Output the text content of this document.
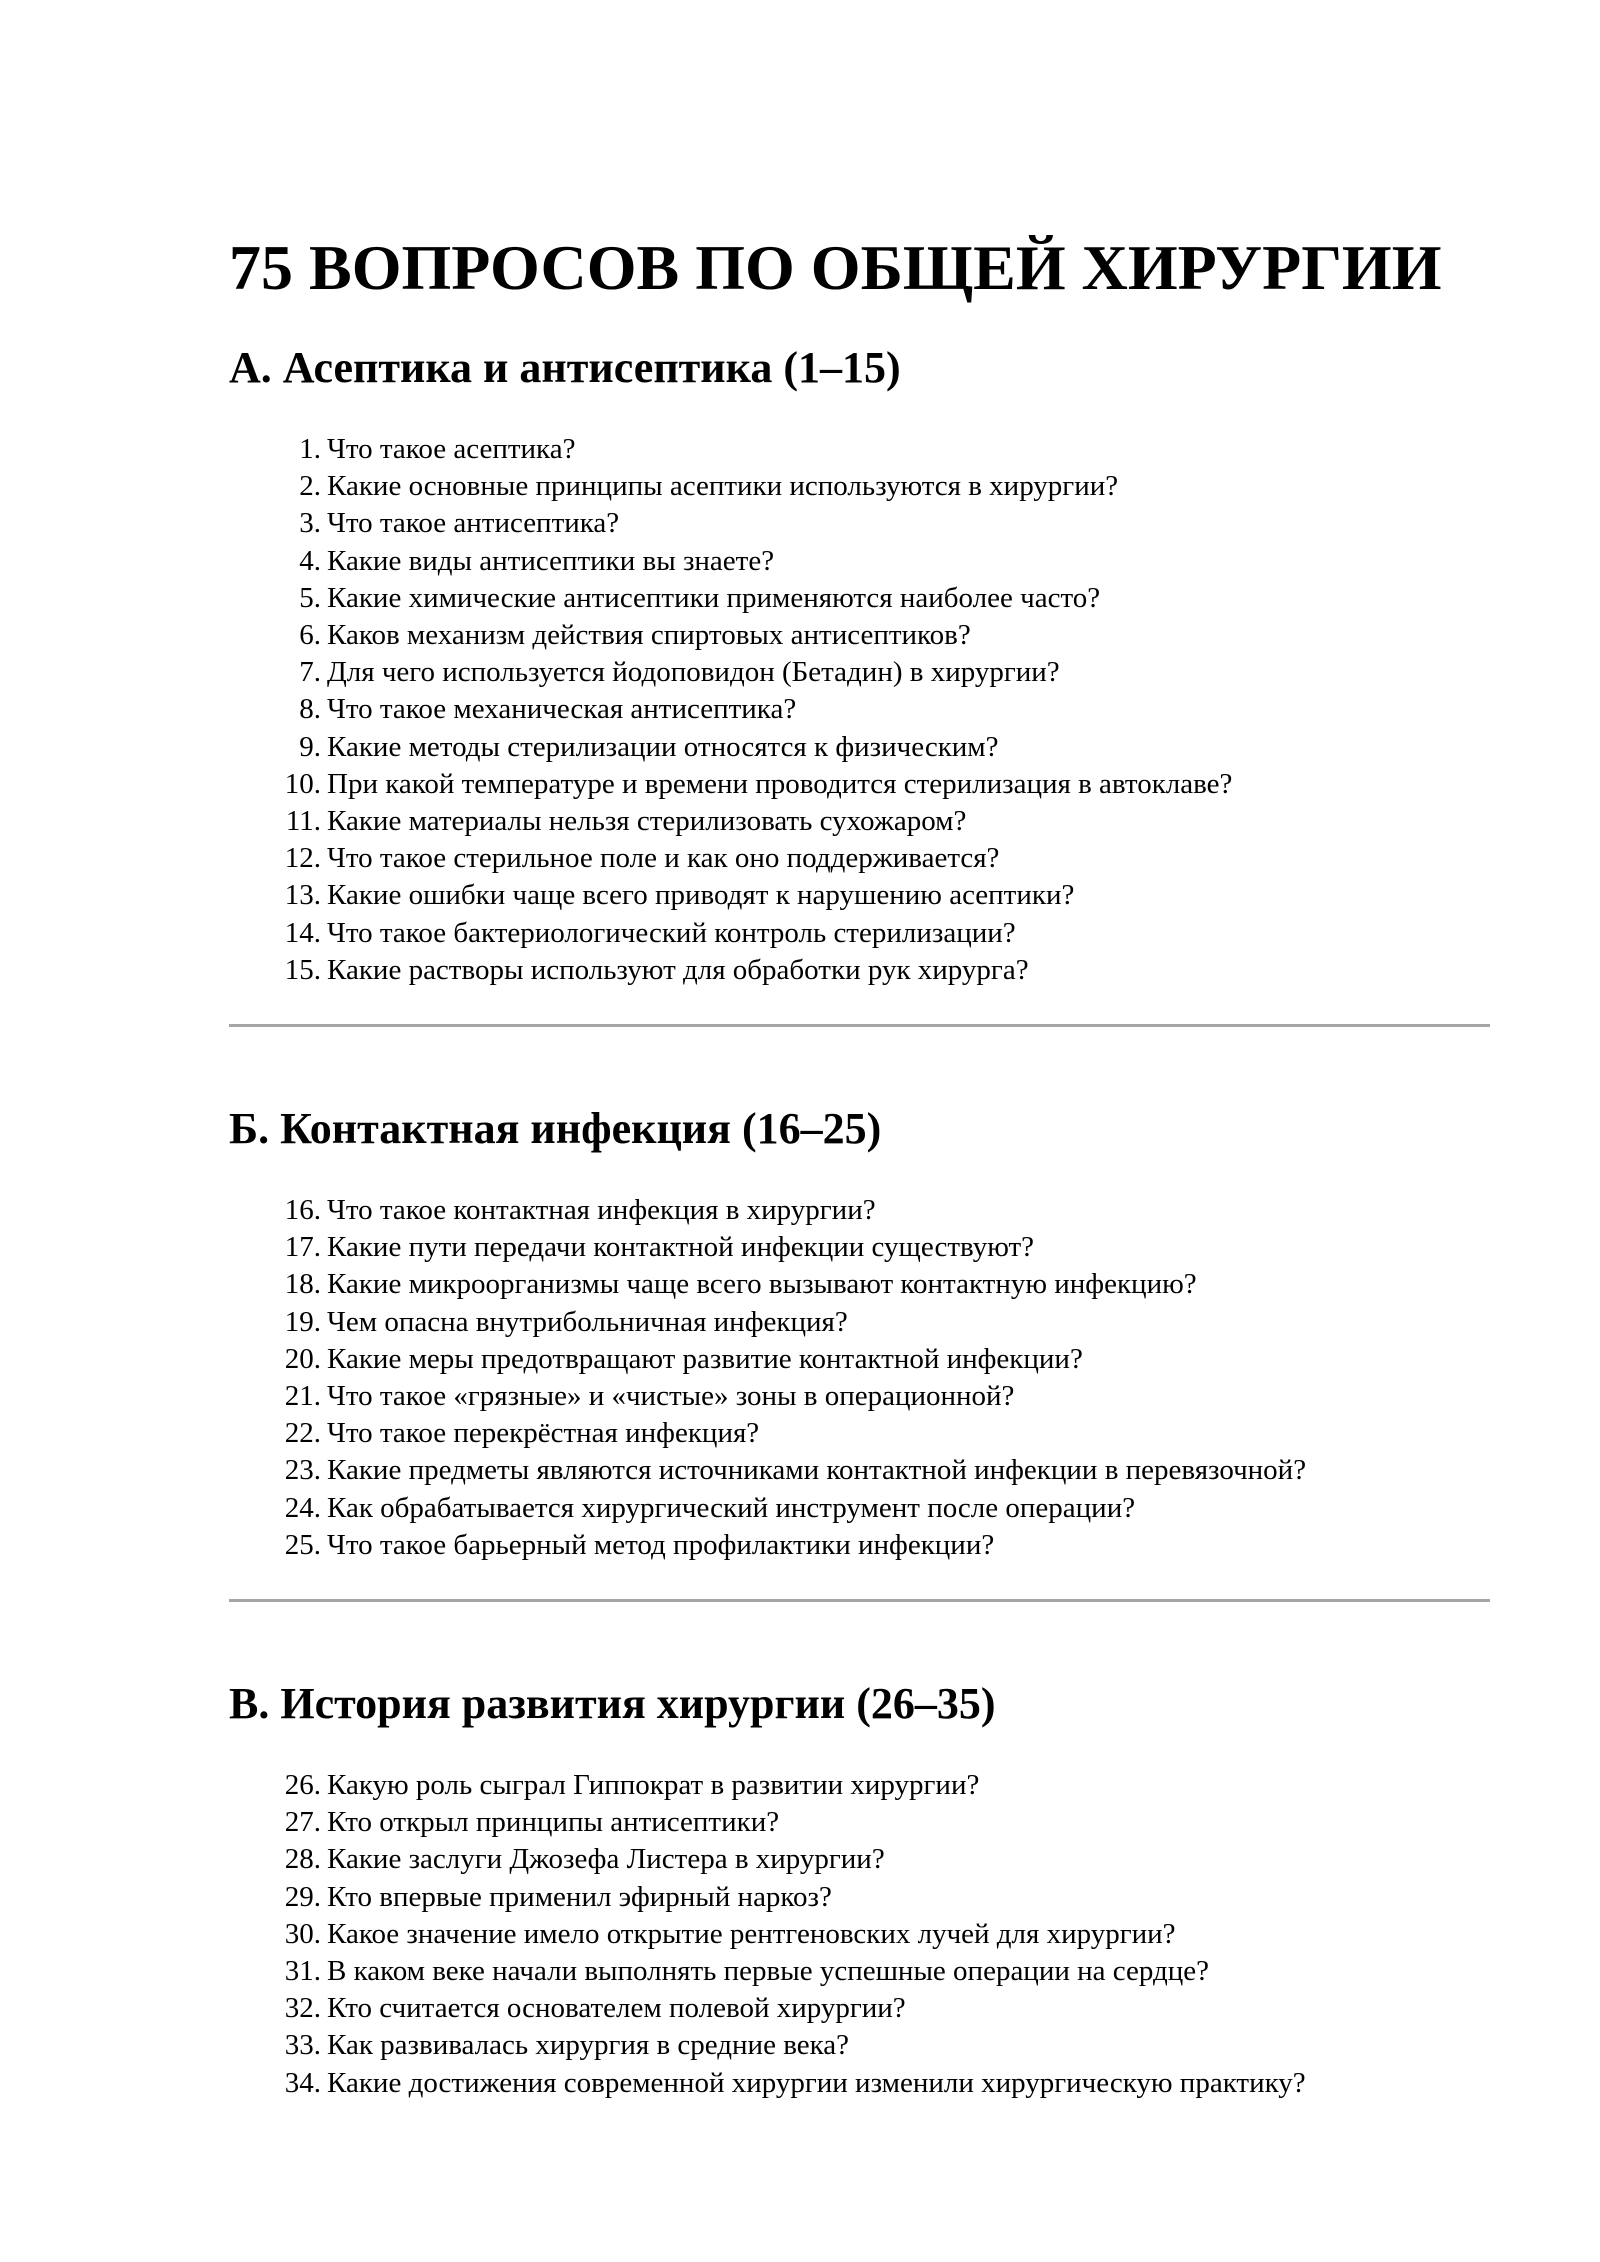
75 ВОПРОСОВ ПО ОБЩЕЙ ХИРУРГИИ
А. Асептика и антисептика (1–15)
1. Что такое асептика?
2. Какие основные принципы асептики используются в хирургии?
3. Что такое антисептика?
4. Какие виды антисептики вы знаете?
5. Какие химические антисептики применяются наиболее часто?
6. Каков механизм действия спиртовых антисептиков?
7. Для чего используется йодоповидон (Бетадин) в хирургии?
8. Что такое механическая антисептика?
9. Какие методы стерилизации относятся к физическим?
10. При какой температуре и времени проводится стерилизация в автоклаве?
11. Какие материалы нельзя стерилизовать сухожаром?
12. Что такое стерильное поле и как оно поддерживается?
13. Какие ошибки чаще всего приводят к нарушению асептики?
14. Что такое бактериологический контроль стерилизации?
15. Какие растворы используют для обработки рук хирурга?
Б. Контактная инфекция (16–25)
16. Что такое контактная инфекция в хирургии?
17. Какие пути передачи контактной инфекции существуют?
18. Какие микроорганизмы чаще всего вызывают контактную инфекцию?
19. Чем опасна внутрибольничная инфекция?
20. Какие меры предотвращают развитие контактной инфекции?
21. Что такое «грязные» и «чистые» зоны в операционной?
22. Что такое перекрёстная инфекция?
23. Какие предметы являются источниками контактной инфекции в перевязочной?
24. Как обрабатывается хирургический инструмент после операции?
25. Что такое барьерный метод профилактики инфекции?
В. История развития хирургии (26–35)
26. Какую роль сыграл Гиппократ в развитии хирургии?
27. Кто открыл принципы антисептики?
28. Какие заслуги Джозефа Листера в хирургии?
29. Кто впервые применил эфирный наркоз?
30. Какое значение имело открытие рентгеновских лучей для хирургии?
31. В каком веке начали выполнять первые успешные операции на сердце?
32. Кто считается основателем полевой хирургии?
33. Как развивалась хирургия в средние века?
34. Какие достижения современной хирургии изменили хирургическую практику?
